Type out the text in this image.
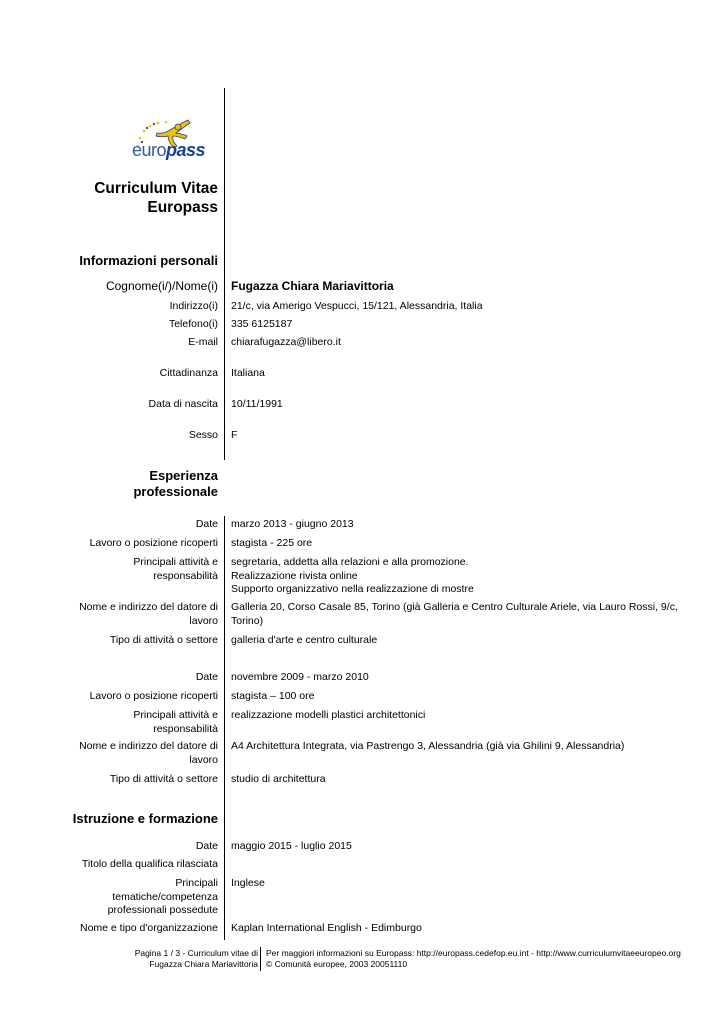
europass
Curriculum Vitae
Europass
Informazioni personali
Cognome(i/)/Nome(i) Fugazza Chiara Mariavittoria
Indirizzo(i) 21/c, via Amerigo Vespucci, 15/121, Alessandria, Italia
Telefono(i) 335 6125187
E-mail chiarafugazza@libero.it
Cittadinanza Italiana
Data di nascita 10/11/1991
Sesso F
Esperienza
professionale
Date marzo 2013 - giugno 2013
Lavoro o posizione ricoperti stagista - 225 ore
Principali attività e
responsabilità
segretaria, addetta alla relazioni e alla promozione.
Realizzazione rivista online
Supporto organizzativo nella realizzazione di mostre
Nome e indirizzo del datore di
lavoro
Galleria 20, Corso Casale 85, Torino (già Galleria e Centro Culturale Ariele, via Lauro Rossi, 9/c,
Torino)
Tipo di attività o settore galleria d'arte e centro culturale
Date novembre 2009 - marzo 2010
Lavoro o posizione ricoperti stagista – 100 ore
Principali attività e
responsabilità
realizzazione modelli plastici architettonici
Nome e indirizzo del datore di
lavoro
A4 Architettura Integrata, via Pastrengo 3, Alessandria (già via Ghilini 9, Alessandria)
Tipo di attività o settore studio di architettura
Istruzione e formazione
Date maggio 2015 - luglio 2015
Titolo della qualifica rilasciata
Principali
tematiche/competenza
professionali possedute
Inglese
Nome e tipo d'organizzazione Kaplan International English - Edimburgo
Pagina 1 / 3 - Curriculum vitae di
Fugazza Chiara Mariavittoria
Per maggiori informazioni su Europass: http://europass.cedefop.eu.int - http://www.curriculumvitaeeuropeo.org
© Comunità europee, 2003 20051110
